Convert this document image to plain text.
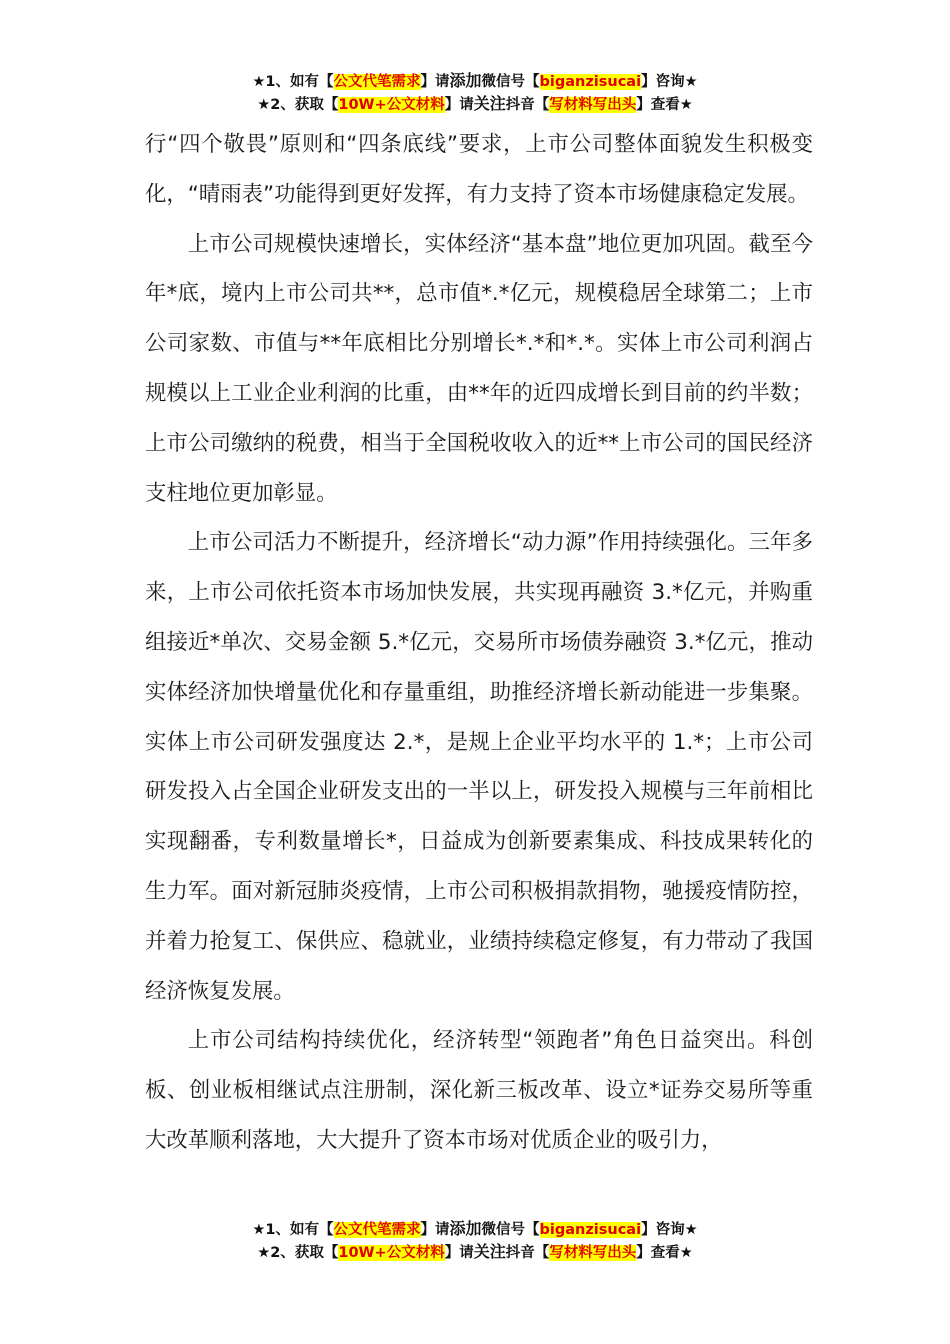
★1、如有【公文代笔需求】请添加微信号【biganzisucai】咨询★
★2、获取【10W+公文材料】请关注抖音【写材料写出头】查看★

行“四个敬畏”原则和“四条底线”要求，上市公司整体面貌发生积极变化，“晴雨表”功能得到更好发挥，有力支持了资本市场健康稳定发展。

上市公司规模快速增长，实体经济“基本盘”地位更加巩固。截至今年*底，境内上市公司共**，总市值*.*亿元，规模稳居全球第二；上市公司家数、市值与**年底相比分别增长*.*和*.*。实体上市公司利润占规模以上工业企业利润的比重，由**年的近四成增长到目前的约半数；上市公司缴纳的税费，相当于全国税收收入的近**上市公司的国民经济支柱地位更加彰显。

上市公司活力不断提升，经济增长“动力源”作用持续强化。三年多来，上市公司依托资本市场加快发展，共实现再融资 3.*亿元，并购重组接近*单次、交易金额 5.*亿元，交易所市场债券融资 3.*亿元，推动实体经济加快增量优化和存量重组，助推经济增长新动能进一步集聚。实体上市公司研发强度达 2.*，是规上企业平均水平的 1.*；上市公司研发投入占全国企业研发支出的一半以上，研发投入规模与三年前相比实现翻番，专利数量增长*，日益成为创新要素集成、科技成果转化的生力军。面对新冠肺炎疫情，上市公司积极捐款捐物，驰援疫情防控，并着力抢复工、保供应、稳就业，业绩持续稳定修复，有力带动了我国经济恢复发展。

上市公司结构持续优化，经济转型“领跑者”角色日益突出。科创板、创业板相继试点注册制，深化新三板改革、设立*证券交易所等重大改革顺利落地，大大提升了资本市场对优质企业的吸引力，

★1、如有【公文代笔需求】请添加微信号【biganzisucai】咨询★
★2、获取【10W+公文材料】请关注抖音【写材料写出头】查看★
